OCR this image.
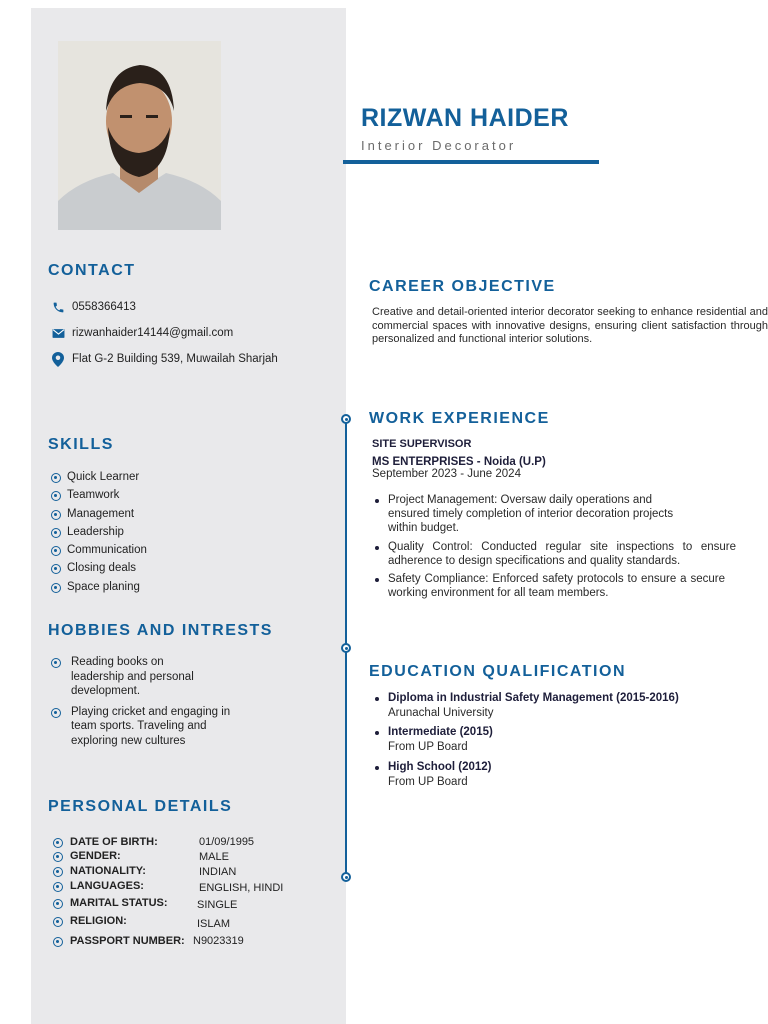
CONTACT
0558366413
rizwanhaider14144@gmail.com
Flat G-2 Building 539, Muwailah Sharjah
SKILLS
Quick Learner
Teamwork
Management
Leadership
Communication
Closing deals
Space planing
HOBBIES AND INTRESTS
Reading books on leadership and personal development.
Playing cricket and engaging in team sports. Traveling and exploring new cultures
PERSONAL DETAILS
DATE OF BIRTH:	01/09/1995
GENDER:	MALE
NATIONALITY:	INDIAN
LANGUAGES:	ENGLISH, HINDI
MARITAL STATUS:	SINGLE
RELIGION:	ISLAM
PASSPORT NUMBER: N9023319
RIZWAN HAIDER
Interior Decorator
CAREER OBJECTIVE
Creative and detail-oriented interior decorator seeking to enhance residential and commercial spaces with innovative designs, ensuring client satisfaction through personalized and functional interior solutions.
WORK EXPERIENCE
SITE SUPERVISOR
MS ENTERPRISES - Noida (U.P)
September 2023 - June 2024
Project Management: Oversaw daily operations and ensured timely completion of interior decoration projects within budget.
Quality Control: Conducted regular site inspections to ensure adherence to design specifications and quality standards.
Safety Compliance: Enforced safety protocols to ensure a secure working environment for all team members.
EDUCATION QUALIFICATION
Diploma in Industrial Safety Management (2015-2016)
Arunachal University
Intermediate (2015)
From UP Board
High School (2012)
From UP Board
